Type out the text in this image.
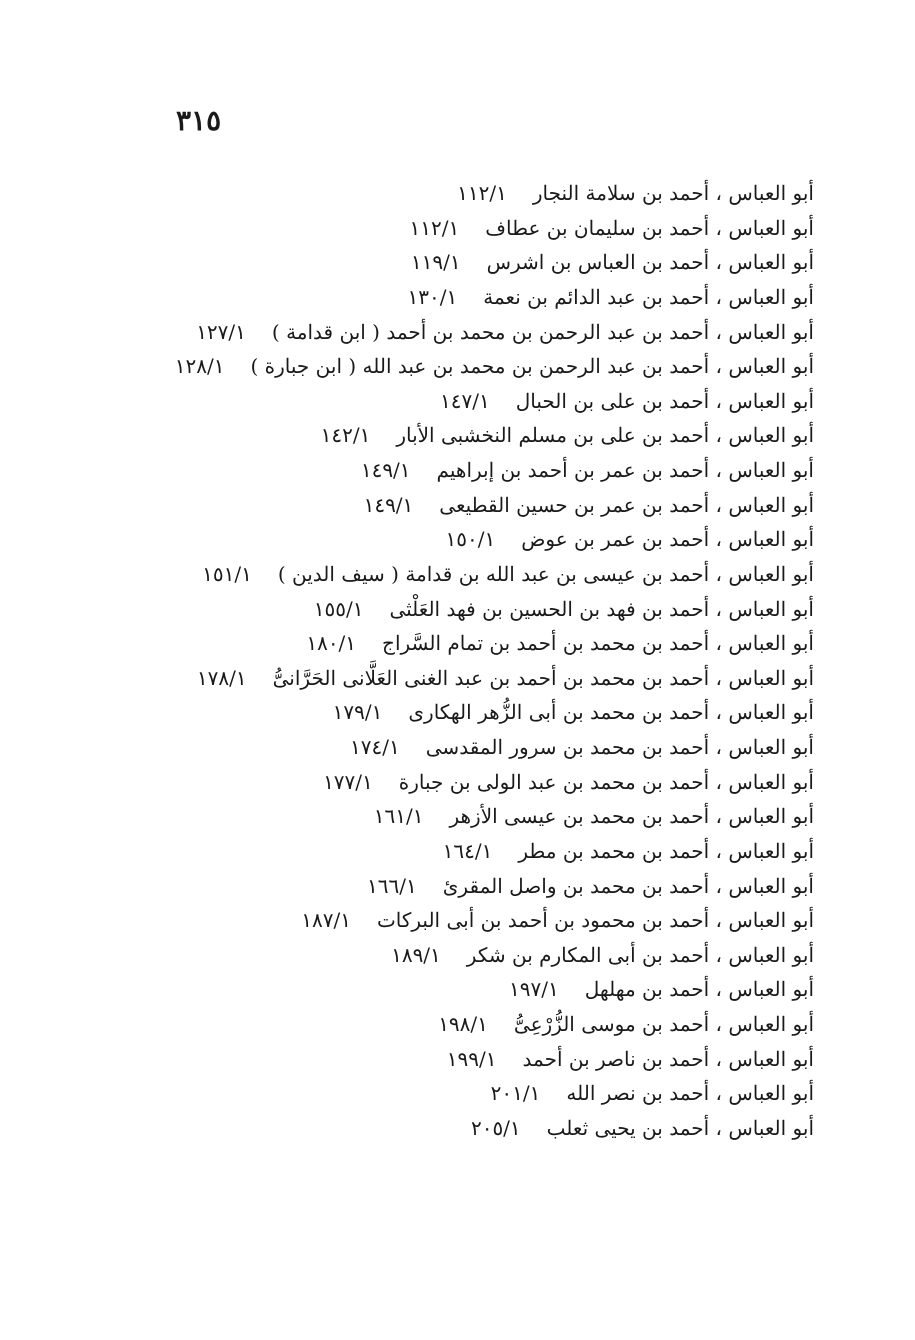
٣١٥
أبو العباس ، أحمد بن سلامة النجار١١٢/١
أبو العباس ، أحمد بن سليمان بن عطاف١١٢/١
أبو العباس ، أحمد بن العباس بن اشرس١١٩/١
أبو العباس ، أحمد بن عبد الدائم بن نعمة١٣٠/١
أبو العباس ، أحمد بن عبد الرحمن بن محمد بن أحمد ( ابن قدامة )١٢٧/١
أبو العباس ، أحمد بن عبد الرحمن بن محمد بن عبد الله ( ابن جبارة )١٢٨/١
أبو العباس ، أحمد بن على بن الحبال١٤٧/١
أبو العباس ، أحمد بن على بن مسلم النخشبى الأبار١٤٢/١
أبو العباس ، أحمد بن عمر بن أحمد بن إبراهيم١٤٩/١
أبو العباس ، أحمد بن عمر بن حسين القطيعى١٤٩/١
أبو العباس ، أحمد بن عمر بن عوض١٥٠/١
أبو العباس ، أحمد بن عيسى بن عبد الله بن قدامة ( سيف الدين )١٥١/١
أبو العباس ، أحمد بن فهد بن الحسين بن فهد العَلْثى١٥٥/١
أبو العباس ، أحمد بن محمد بن أحمد بن تمام السَّراج١٨٠/١
أبو العباس ، أحمد بن محمد بن أحمد بن عبد الغنى العَلَّانى الحَرَّانىُّ١٧٨/١
أبو العباس ، أحمد بن محمد بن أبى الزُّهر الهكارى١٧٩/١
أبو العباس ، أحمد بن محمد بن سرور المقدسى١٧٤/١
أبو العباس ، أحمد بن محمد بن عبد الولى بن جبارة١٧٧/١
أبو العباس ، أحمد بن محمد بن عيسى الأزهر١٦١/١
أبو العباس ، أحمد بن محمد بن مطر١٦٤/١
أبو العباس ، أحمد بن محمد بن واصل المقرئ١٦٦/١
أبو العباس ، أحمد بن محمود بن أحمد بن أبى البركات١٨٧/١
أبو العباس ، أحمد بن أبى المكارم بن شكر١٨٩/١
أبو العباس ، أحمد بن مهلهل١٩٧/١
أبو العباس ، أحمد بن موسى الزُّرْعِىُّ١٩٨/١
أبو العباس ، أحمد بن ناصر بن أحمد١٩٩/١
أبو العباس ، أحمد بن نصر الله٢٠١/١
أبو العباس ، أحمد بن يحيى ثعلب٢٠٥/١
